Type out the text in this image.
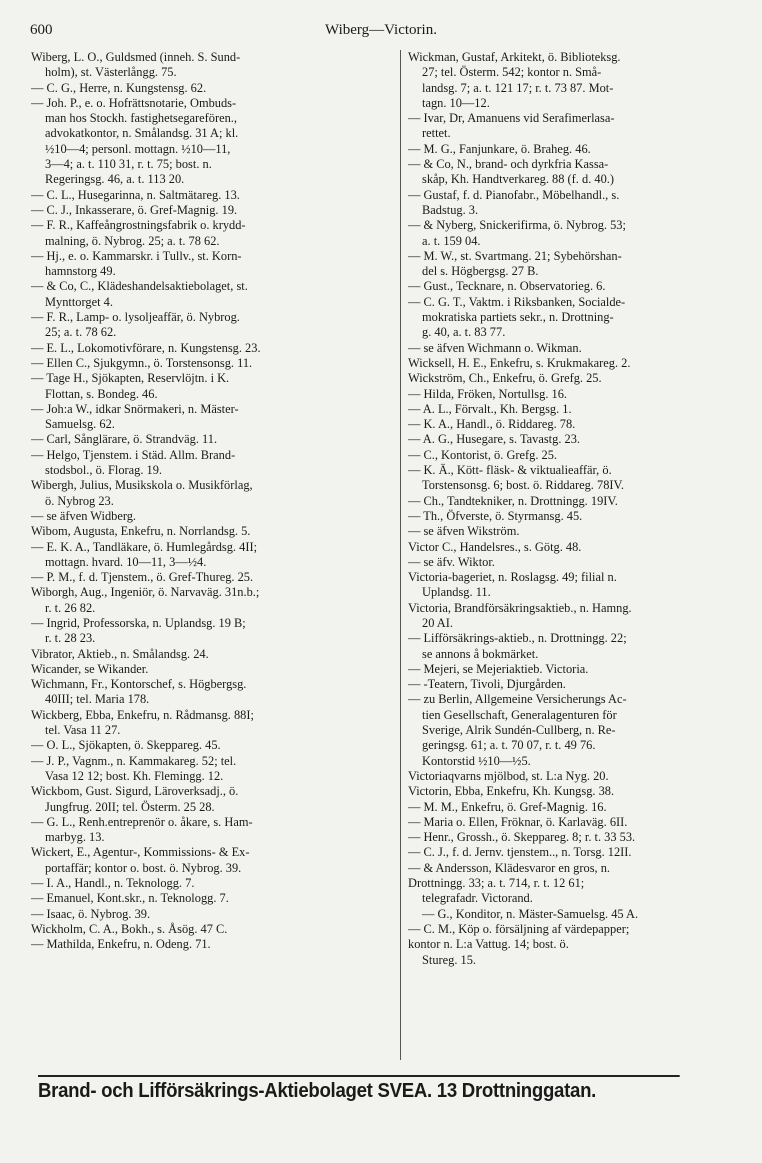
600	Wiberg—Victorin.

Wiberg, L. O., Guldsmed (inneh. S. Sund-

holm), st. Västerlångg. 75.

— C. G., Herre, n. Kungstensg. 62.

— Joh. P., e. o. Hofrättsnotarie, Ombuds-

man hos Stockh. fastighetsegarefören.,

advokatkontor, n. Smålandsg. 31 A; kl.

½10—4; personl. mottagn. ½10—11,

3—4; a. t. 110 31, r. t. 75; bost. n.

Regeringsg. 46, a. t. 113 20.

— C. L., Husegarinna, n. Saltmätareg. 13.

— C. J., Inkasserare, ö. Gref-Magnig. 19.

— F. R., Kaffeångrostningsfabrik o. krydd-

malning, ö. Nybrog. 25; a. t. 78 62.

— Hj., e. o. Kammarskr. i Tullv., st. Korn-

hamnstorg 49.

— & Co, C., Klädeshandelsaktiebolaget, st.

Mynttorget 4.

— F. R., Lamp- o. lysoljeaffär, ö. Nybrog.

25; a. t. 78 62.

— E. L., Lokomotivförare, n. Kungstensg. 23.

— Ellen C., Sjukgymn., ö. Torstensonsg. 11.

— Tage H., Sjökapten, Reservlöjtn. i K.

Flottan, s. Bondeg. 46.

— Joh:a W., idkar Snörmakeri, n. Mäster-

Samuelsg. 62.

— Carl, Sånglärare, ö. Strandväg. 11.

— Helgo, Tjenstem. i Städ. Allm. Brand-

stodsbol., ö. Florag. 19.

Wibergh, Julius, Musikskola o. Musikförlag,

ö. Nybrog 23.

— se äfven Widberg.

Wibom, Augusta, Enkefru, n. Norrlandsg. 5.

— E. K. A., Tandläkare, ö. Humlegårdsg. 4II;

mottagn. hvard. 10—11, 3—½4.

— P. M., f. d. Tjenstem., ö. Gref-Thureg. 25.

Wiborgh, Aug., Ingeniör, ö. Narvaväg. 31n.b.;

r. t. 26 82.

— Ingrid, Professorska, n. Uplandsg. 19 B;

r. t. 28 23.

Vibrator, Aktieb., n. Smålandsg. 24.

Wicander, se Wikander.

Wichmann, Fr., Kontorschef, s. Högbergsg.

40III; tel. Maria 178.

Wickberg, Ebba, Enkefru, n. Rådmansg. 88I;

tel. Vasa 11 27.

— O. L., Sjökapten, ö. Skeppareg. 45.

— J. P., Vagnm., n. Kammakareg. 52; tel.

Vasa 12 12; bost. Kh. Flemingg. 12.

Wickbom, Gust. Sigurd, Läroverksadj., ö.

Jungfrug. 20II; tel. Österm. 25 28.

— G. L., Renh.entreprenör o. åkare, s. Ham-

marbyg. 13.

Wickert, E., Agentur-, Kommissions- & Ex-

portaffär; kontor o. bost. ö. Nybrog. 39.

— I. A., Handl., n. Teknologg. 7.

— Emanuel, Kont.skr., n. Teknologg. 7.

— Isaac, ö. Nybrog. 39.

Wickholm, C. A., Bokh., s. Åsög. 47 C.

— Mathilda, Enkefru, n. Odeng. 71.

Wickman, Gustaf, Arkitekt, ö. Biblioteksg.

27; tel. Österm. 542; kontor n. Små-

landsg. 7; a. t. 121 17; r. t. 73 87. Mot-

tagn. 10—12.

— Ivar, Dr, Amanuens vid Serafimerlasa-

rettet.

— M. G., Fanjunkare, ö. Braheg. 46.

— & Co, N., brand- och dyrkfria Kassa-

skåp, Kh. Handtverkareg. 88 (f. d. 40.)

— Gustaf, f. d. Pianofabr., Möbelhandl., s.

Badstug. 3.

— & Nyberg, Snickerifirma, ö. Nybrog. 53;

a. t. 159 04.

— M. W., st. Svartmang. 21; Sybehörshan-

del s. Högbergsg. 27 B.

— Gust., Tecknare, n. Observatorieg. 6.

— C. G. T., Vaktm. i Riksbanken, Socialde-

mokratiska partiets sekr., n. Drottning-

g. 40, a. t. 83 77.

— se äfven Wichmann o. Wikman.

Wicksell, H. E., Enkefru, s. Krukmakareg. 2.

Wickström, Ch., Enkefru, ö. Grefg. 25.

— Hilda, Fröken, Nortullsg. 16.

— A. L., Förvalt., Kh. Bergsg. 1.

— K. A., Handl., ö. Riddareg. 78.

— A. G., Husegare, s. Tavastg. 23.

— C., Kontorist, ö. Grefg. 25.

— K. Ä., Kött- fläsk- & viktualieaffär, ö.

Torstensonsg. 6; bost. ö. Riddareg. 78IV.

— Ch., Tandtekniker, n. Drottningg. 19IV.

— Th., Öfverste, ö. Styrmansg. 45.

— se äfven Wikström.

Victor C., Handelsres., s. Götg. 48.

— se äfv. Wiktor.

Victoria-bageriet, n. Roslagsg. 49; filial n.

Uplandsg. 11.

Victoria, Brandförsäkringsaktieb., n. Hamng.

20 AI.

— Lifförsäkrings-aktieb., n. Drottningg. 22;

se annons å bokmärket.

— Mejeri, se Mejeriaktieb. Victoria.

— -Teatern, Tivoli, Djurgården.

— zu Berlin, Allgemeine Versicherungs Ac-

tien Gesellschaft, Generalagenturen för

Sverige, Alrik Sundén-Cullberg, n. Re-

geringsg. 61; a. t. 70 07, r. t. 49 76.

Kontorstid ½10—½5.

Victoriaqvarns mjölbod, st. L:a Nyg. 20.

Victorin, Ebba, Enkefru, Kh. Kungsg. 38.

— M. M., Enkefru, ö. Gref-Magnig. 16.

— Maria o. Ellen, Fröknar, ö. Karlaväg. 6II.

— Henr., Grossh., ö. Skeppareg. 8; r. t. 33 53.

— C. J., f. d. Jernv. tjenstem.., n. Torsg. 12II.

— & Andersson, Klädesvaror en gros, n.

Drottningg. 33; a. t. 714, r. t. 12 61;

telegrafadr. Victorand.

— G., Konditor, n. Mäster-Samuelsg. 45 A.

— C. M., Köp o. försäljning af värdepapper;

kontor n. L:a Vattug. 14; bost. ö.

Stureg. 15.

Brand- och Lifförsäkrings-Aktiebolaget SVEA. 13 Drottninggatan.
